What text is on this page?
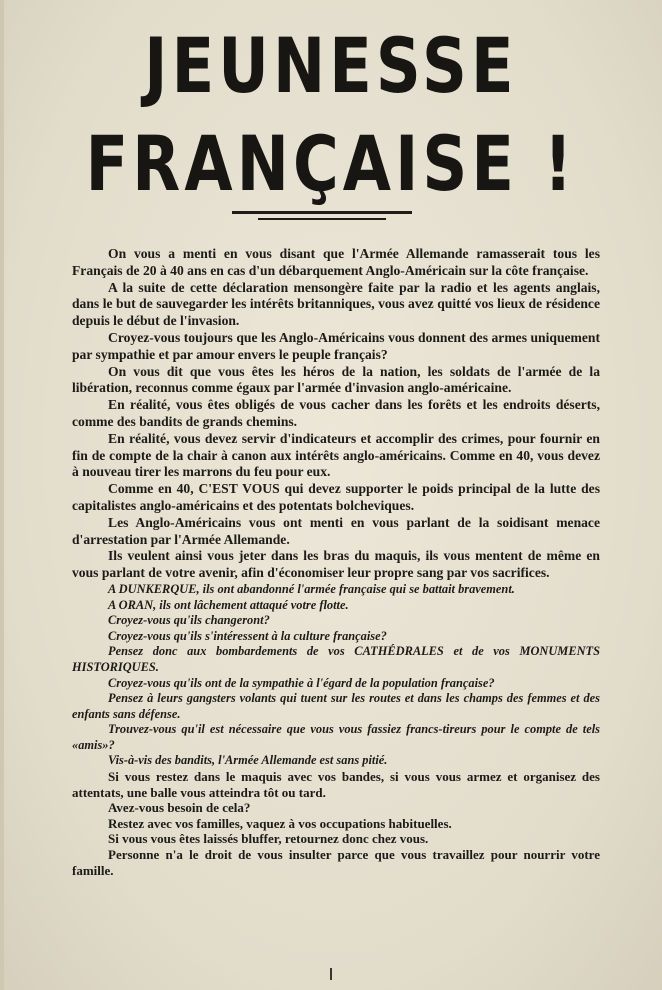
JEUNESSE
FRANÇAISE !

On vous a menti en vous disant que l'Armée Allemande ramasserait tous les Français de 20 à 40 ans en cas d'un débarquement Anglo-Américain sur la côte française.

A la suite de cette déclaration mensongère faite par la radio et les agents anglais, dans le but de sauvegarder les intérêts britanniques, vous avez quitté vos lieux de résidence depuis le début de l'invasion.

Croyez-vous toujours que les Anglo-Américains vous donnent des armes uniquement par sympathie et par amour envers le peuple français?

On vous dit que vous êtes les héros de la nation, les soldats de l'armée de la libération, reconnus comme égaux par l'armée d'invasion anglo-américaine.

En réalité, vous êtes obligés de vous cacher dans les forêts et les endroits déserts, comme des bandits de grands chemins.

En réalité, vous devez servir d'indicateurs et accomplir des crimes, pour fournir en fin de compte de la chair à canon aux intérêts anglo-américains. Comme en 40, vous devez à nouveau tirer les marrons du feu pour eux.

Comme en 40, C'EST VOUS qui devez supporter le poids principal de la lutte des capitalistes anglo-américains et des potentats bolcheviques.

Les Anglo-Américains vous ont menti en vous parlant de la soidisant menace d'arrestation par l'Armée Allemande.

Ils veulent ainsi vous jeter dans les bras du maquis, ils vous mentent de même en vous parlant de votre avenir, afin d'économiser leur propre sang par vos sacrifices.

A DUNKERQUE, ils ont abandonné l'armée française qui se battait bravement.

A ORAN, ils ont lâchement attaqué votre flotte.

Croyez-vous qu'ils changeront?

Croyez-vous qu'ils s'intéressent à la culture française?

Pensez donc aux bombardements de vos CATHÉDRALES et de vos MONUMENTS HISTORIQUES.

Croyez-vous qu'ils ont de la sympathie à l'égard de la population française?

Pensez à leurs gangsters volants qui tuent sur les routes et dans les champs des femmes et des enfants sans défense.

Trouvez-vous qu'il est nécessaire que vous vous fassiez francs-tireurs pour le compte de tels «amis»?

Vis-à-vis des bandits, l'Armée Allemande est sans pitié.

Si vous restez dans le maquis avec vos bandes, si vous vous armez et organisez des attentats, une balle vous atteindra tôt ou tard.

Avez-vous besoin de cela?

Restez avec vos familles, vaquez à vos occupations habituelles.

Si vous vous êtes laissés bluffer, retournez donc chez vous.

Personne n'a le droit de vous insulter parce que vous travaillez pour nourrir votre famille.
